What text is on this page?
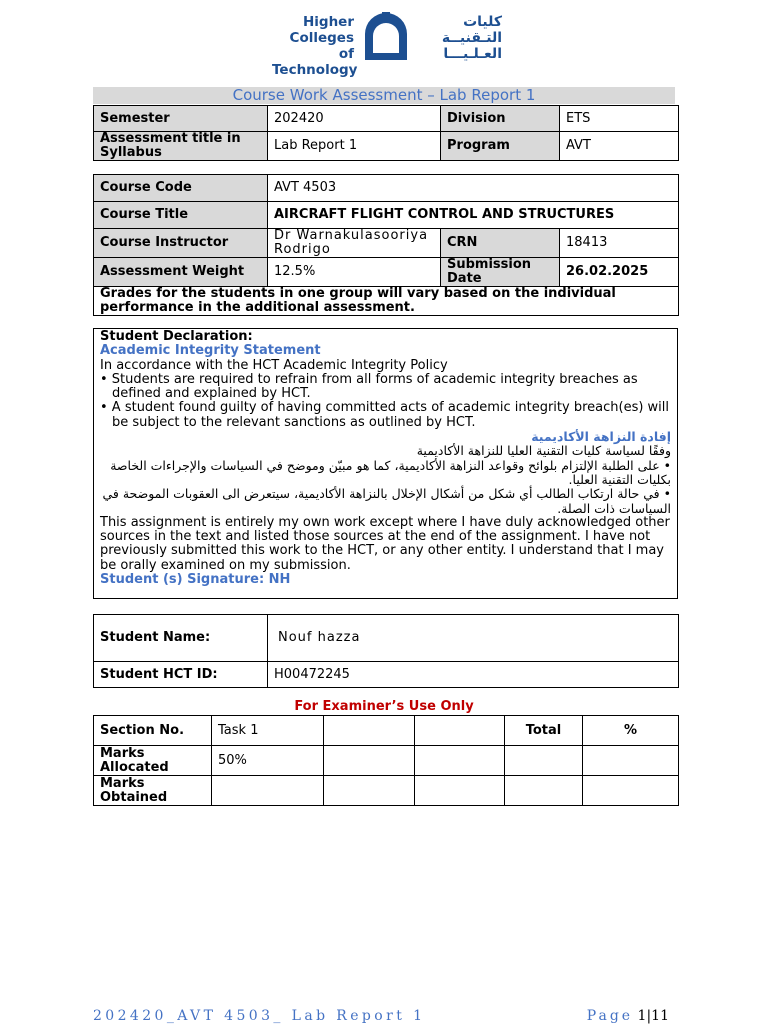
Higher
Colleges of
Technology
كليات
التـقنيــة
العـلـيـــا
Course Work Assessment – Lab Report 1
Semester	202420	Division	ETS
Assessment title in Syllabus	Lab Report 1	Program	AVT
Course Code	AVT 4503		
Course Title	AIRCRAFT FLIGHT CONTROL AND STRUCTURES		
Course Instructor	Dr Warnakulasooriya Rodrigo	CRN	18413
Assessment Weight	12.5%	Submission Date	26.02.2025
Grades for the students in one group will vary based on the individual performance in the additional assessment.			
Student Declaration:
Academic Integrity Statement
In accordance with the HCT Academic Integrity Policy
• Students are required to refrain from all forms of academic integrity breaches as defined and explained by HCT.
• A student found guilty of having committed acts of academic integrity breach(es) will be subject to the relevant sanctions as outlined by HCT.
إفادة النزاهة الأكاديمية
وفقًا لسياسة كليات التقنية العليا للنزاهة الأكاديمية
• على الطلبة الإلتزام بلوائح وقواعد النزاهة الأكاديمية، كما هو مبيّن وموضح في السياسات والإجراءات الخاصة بكليات التقنية العليا.
• في حالة ارتكاب الطالب أي شكل من أشكال الإخلال بالنزاهة الأكاديمية، سيتعرض الى العقوبات الموضحة في السياسات ذات الصلة.
This assignment is entirely my own work except where I have duly acknowledged other sources in the text and listed those sources at the end of the assignment. I have not previously submitted this work to the HCT, or any other entity. I understand that I may be orally examined on my submission.
Student (s) Signature: NH
Student Name:	Nouf hazza
Student HCT ID:	H00472245
For Examiner’s Use Only
Section No.	Task 1			Total	%
Marks Allocated	50%				
Marks Obtained					
202420_AVT 4503_ Lab Report 1	Page 1|11
